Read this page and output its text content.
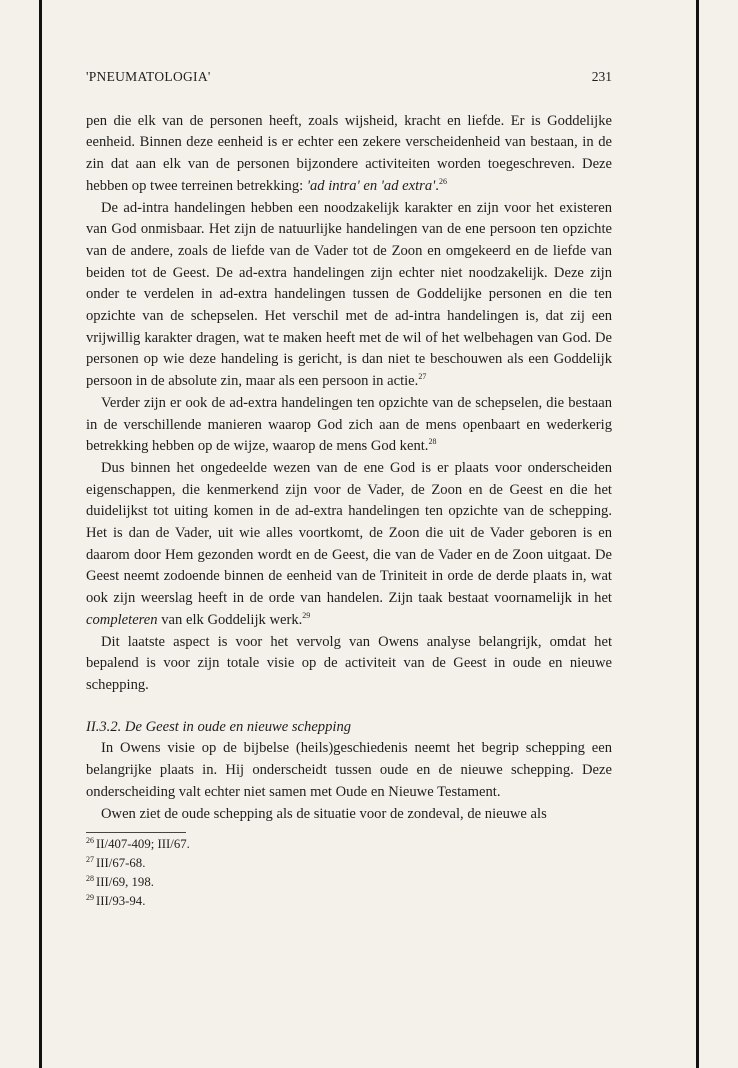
'PNEUMATOLOGIA'	231

pen die elk van de personen heeft, zoals wijsheid, kracht en liefde. Er is Goddelijke eenheid. Binnen deze eenheid is er echter een zekere verscheidenheid van bestaan, in de zin dat aan elk van de personen bijzondere activiteiten worden toegeschreven. Deze hebben op twee terreinen betrekking: 'ad intra' en 'ad extra'.$^{26}$

De ad-intra handelingen hebben een noodzakelijk karakter en zijn voor het existeren van God onmisbaar. Het zijn de natuurlijke handelingen van de ene persoon ten opzichte van de andere, zoals de liefde van de Vader tot de Zoon en omgekeerd en de liefde van beiden tot de Geest. De ad-extra handelingen zijn echter niet noodzakelijk. Deze zijn onder te verdelen in ad-extra handelingen tussen de Goddelijke personen en die ten opzichte van de schepselen. Het verschil met de ad-intra handelingen is, dat zij een vrijwillig karakter dragen, wat te maken heeft met de wil of het welbehagen van God. De personen op wie deze handeling is gericht, is dan niet te beschouwen als een Goddelijk persoon in de absolute zin, maar als een persoon in actie.$^{27}$

Verder zijn er ook de ad-extra handelingen ten opzichte van de schepselen, die bestaan in de verschillende manieren waarop God zich aan de mens openbaart en wederkerig betrekking hebben op de wijze, waarop de mens God kent.$^{28}$

Dus binnen het ongedeelde wezen van de ene God is er plaats voor onderscheiden eigenschappen, die kenmerkend zijn voor de Vader, de Zoon en de Geest en die het duidelijkst tot uiting komen in de ad-extra handelingen ten opzichte van de schepping. Het is dan de Vader, uit wie alles voortkomt, de Zoon die uit de Vader geboren is en daarom door Hem gezonden wordt en de Geest, die van de Vader en de Zoon uitgaat. De Geest neemt zodoende binnen de eenheid van de Triniteit in orde de derde plaats in, wat ook zijn weerslag heeft in de orde van handelen. Zijn taak bestaat voornamelijk in het completeren van elk Goddelijk werk.$^{29}$

Dit laatste aspect is voor het vervolg van Owens analyse belangrijk, omdat het bepalend is voor zijn totale visie op de activiteit van de Geest in oude en nieuwe schepping.

II.3.2. De Geest in oude en nieuwe schepping

In Owens visie op de bijbelse (heils)geschiedenis neemt het begrip schepping een belangrijke plaats in. Hij onderscheidt tussen oude en de nieuwe schepping. Deze onderscheiding valt echter niet samen met Oude en Nieuwe Testament.

Owen ziet de oude schepping als de situatie voor de zondeval, de nieuwe als

$^{26}$ II/407-409; III/67.
$^{27}$ III/67-68.
$^{28}$ III/69, 198.
$^{29}$ III/93-94.
